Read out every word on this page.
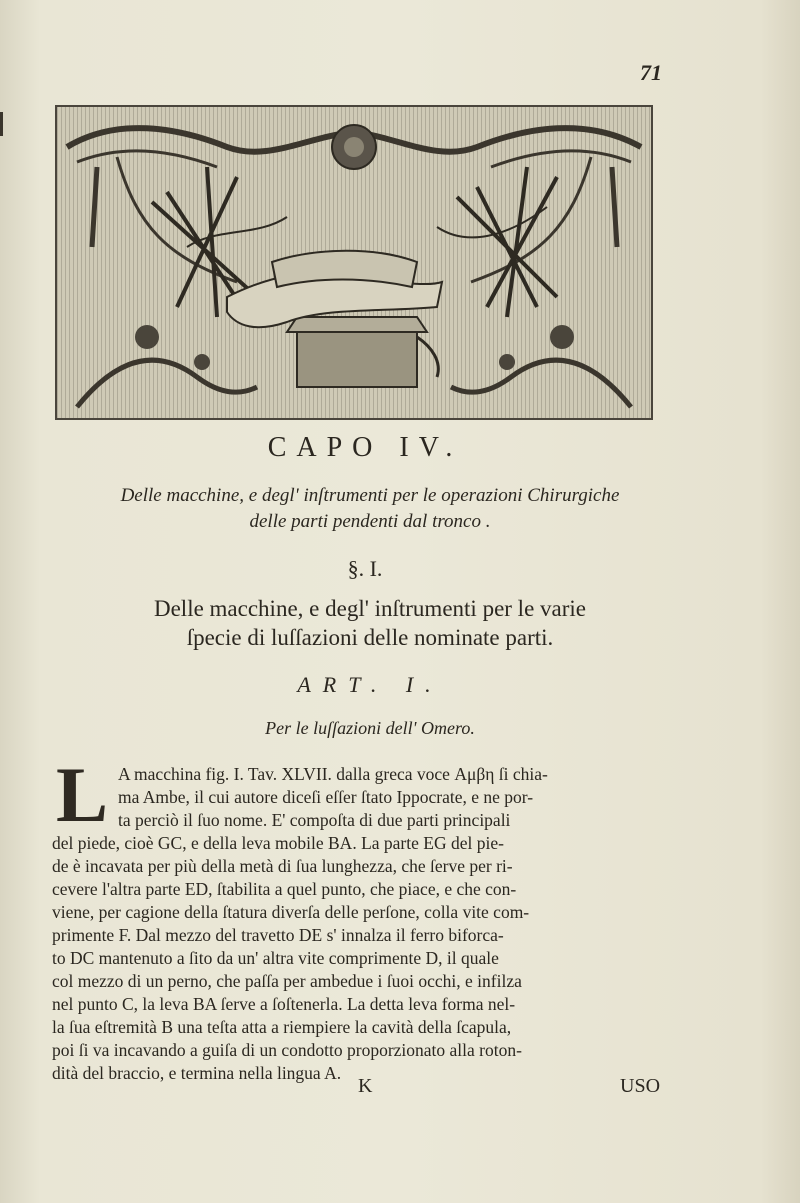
71
CAPO IV.
Delle macchine, e degl' inſtrumenti per le operazioni Chirurgiche
delle parti pendenti dal tronco .
§. I.
Delle macchine, e degl' inſtrumenti per le varie
ſpecie di luſſazioni delle nominate parti.
ART. I.
Per le luſſazioni dell' Omero.
L A macchina fig. I. Tav. XLVII. dalla greca voce Αμβη ſi chia-
ma Ambe, il cui autore diceſi eſſer ſtato Ippocrate, e ne por-
ta perciò il ſuo nome. E' compoſta di due parti principali
del piede, cioè GC, e della leva mobile BA. La parte EG del pie-
de è incavata per più della metà di ſua lunghezza, che ſerve per ri-
cevere l'altra parte ED, ſtabilita a quel punto, che piace, e che con-
viene, per cagione della ſtatura diverſa delle perſone, colla vite com-
primente F. Dal mezzo del travetto DE s' innalza il ferro biforca-
to DC mantenuto a ſito da un' altra vite comprimente D, il quale
col mezzo di un perno, che paſſa per ambedue i ſuoi occhi, e infilza
nel punto C, la leva BA ſerve a ſoſtenerla. La detta leva forma nel-
la ſua eſtremità B una teſta atta a riempiere la cavità della ſcapula,
poi ſi va incavando a guiſa di un condotto proporzionato alla roton-
dità del braccio, e termina nella lingua A.
K	USO
